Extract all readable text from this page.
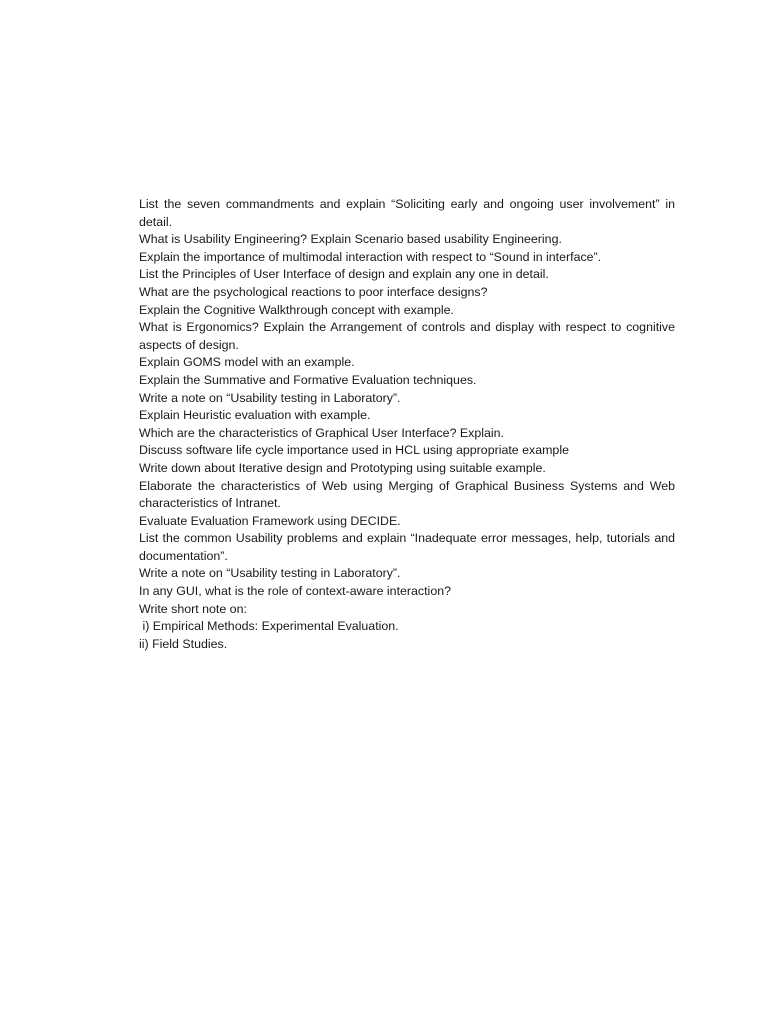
List the seven commandments and explain “Soliciting early and ongoing user involvement” in detail.

What is Usability Engineering? Explain Scenario based usability Engineering.

Explain the importance of multimodal interaction with respect to “Sound in interface”.

List the Principles of User Interface of design and explain any one in detail.

What are the psychological reactions to poor interface designs?

Explain the Cognitive Walkthrough concept with example.

What is Ergonomics? Explain the Arrangement of controls and display with respect to cognitive aspects of design.

Explain GOMS model with an example.

Explain the Summative and Formative Evaluation techniques.

Write a note on “Usability testing in Laboratory”.

Explain Heuristic evaluation with example.

Which are the characteristics of Graphical User Interface? Explain.

Discuss software life cycle importance used in HCL using appropriate example

Write down about Iterative design and Prototyping using suitable example.

Elaborate the characteristics of Web using Merging of Graphical Business Systems and Web characteristics of Intranet.

Evaluate Evaluation Framework using DECIDE.

List the common Usability problems and explain “Inadequate error messages, help, tutorials and documentation”.

Write a note on “Usability testing in Laboratory”.

In any GUI, what is the role of context-aware interaction?

Write short note on:

i) Empirical Methods: Experimental Evaluation.

ii) Field Studies.
